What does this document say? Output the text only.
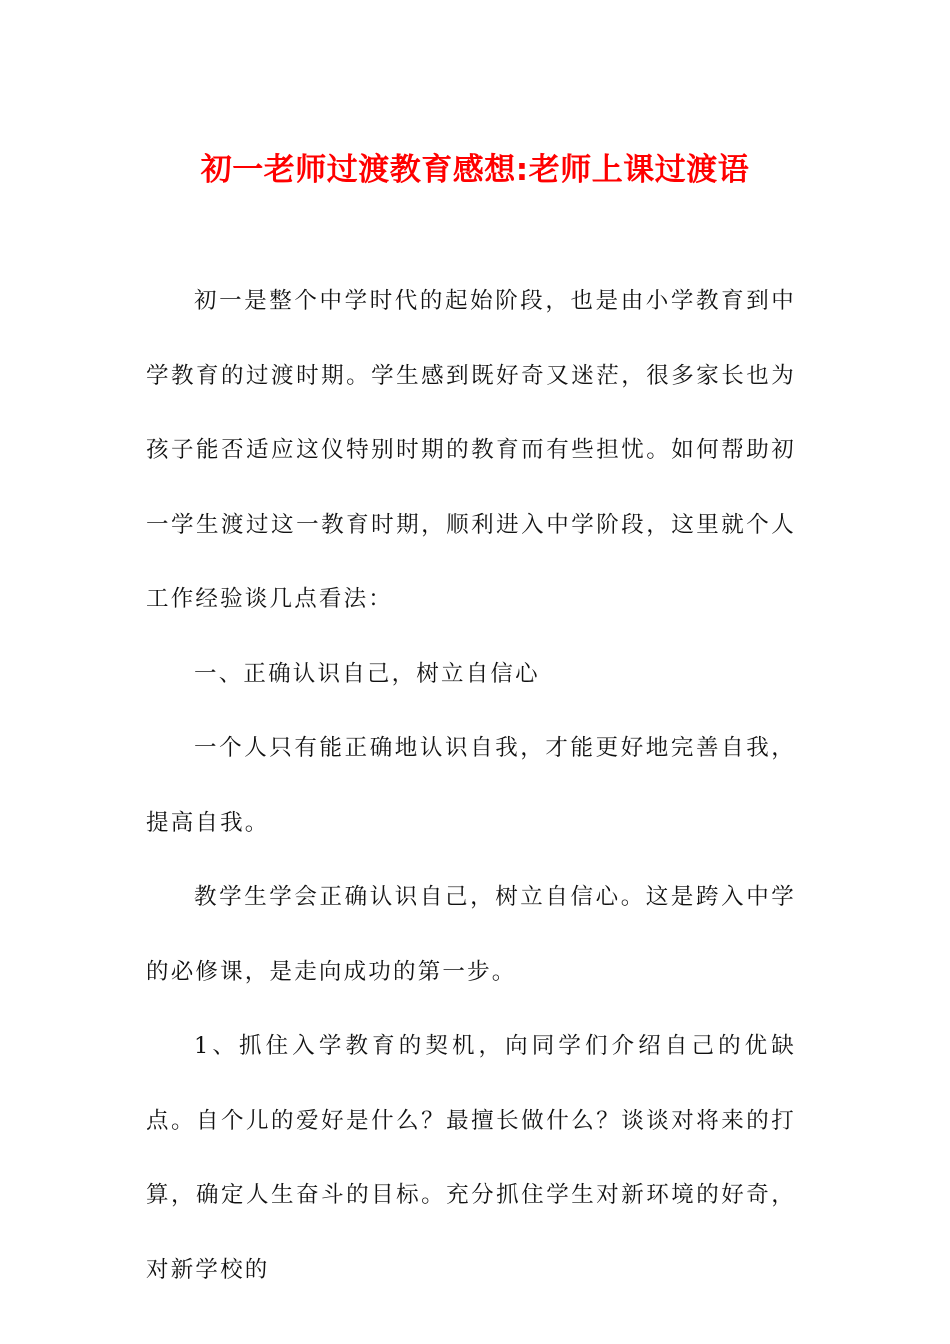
初一老师过渡教育感想:老师上课过渡语

初一是整个中学时代的起始阶段，也是由小学教育到中学教育的过渡时期。学生感到既好奇又迷茫，很多家长也为孩子能否适应这仪特别时期的教育而有些担忧。如何帮助初一学生渡过这一教育时期，顺利进入中学阶段，这里就个人工作经验谈几点看法：

一、正确认识自己，树立自信心

一个人只有能正确地认识自我，才能更好地完善自我，提高自我。

教学生学会正确认识自己，树立自信心。这是跨入中学的必修课，是走向成功的第一步。

1、抓住入学教育的契机，向同学们介绍自己的优缺点。自个儿的爱好是什么？最擅长做什么？谈谈对将来的打算，确定人生奋斗的目标。充分抓住学生对新环境的好奇，对新学校的
